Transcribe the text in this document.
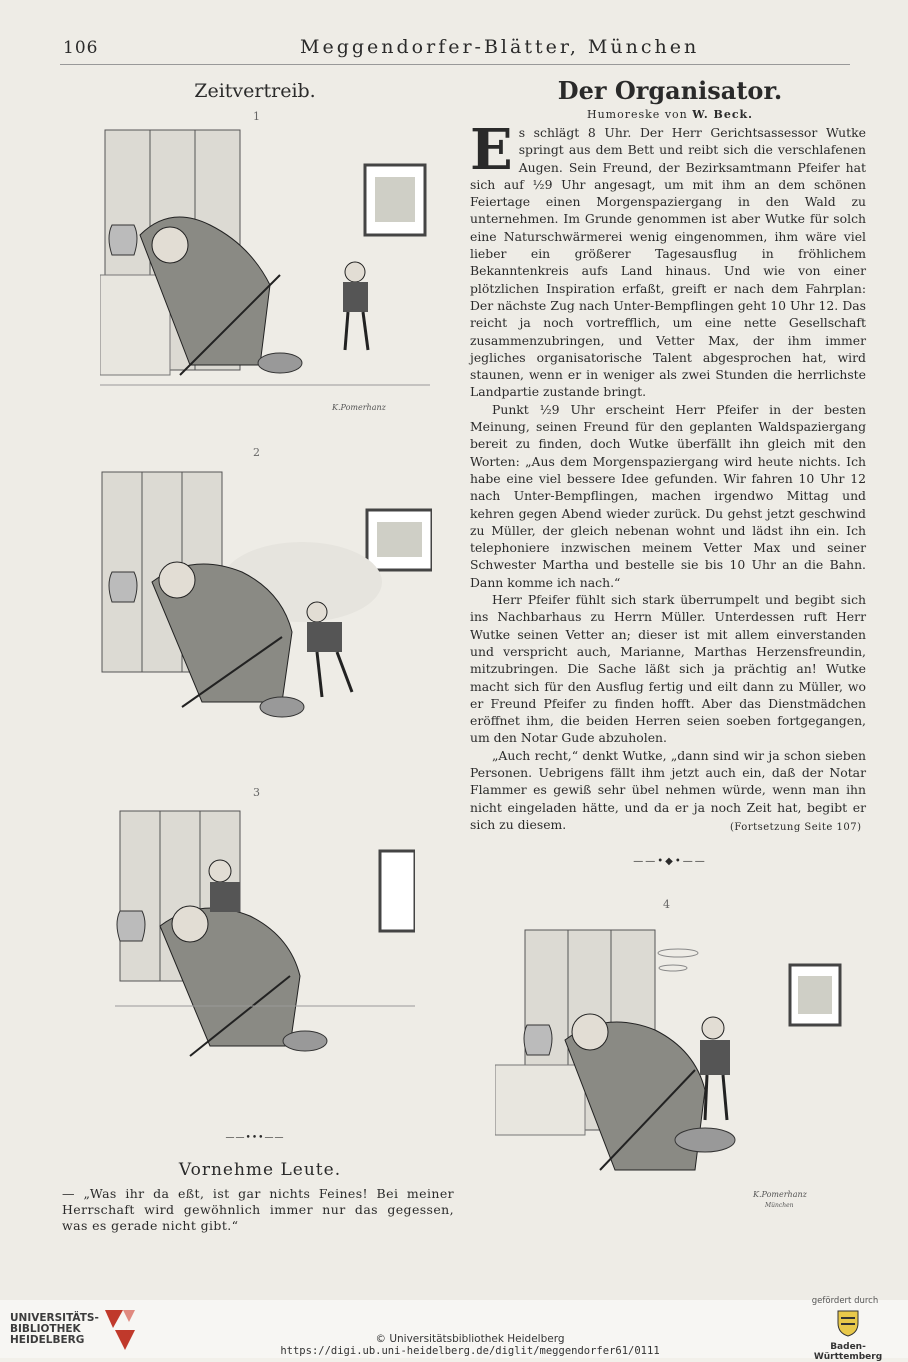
106	Meggendorfer-Blätter, München
Zeitvertreib.
1
K.Pomerhanz
2
3
——•••——
Vornehme Leute.
— „Was ihr da eßt, ist gar nichts Feines! Bei meiner Herrschaft wird gewöhnlich immer nur das gegessen, was es gerade nicht gibt.“
Der Organisator.
Humoreske von W. Beck.

Es schlägt 8 Uhr. Der Herr Gerichtsassessor Wutke springt aus dem Bett und reibt sich die verschlafenen Augen. Sein Freund, der Bezirksamtmann Pfeifer hat sich auf ½9 Uhr angesagt, um mit ihm an dem schönen Feiertage einen Morgenspaziergang in den Wald zu unternehmen. Im Grunde genommen ist aber Wutke für solch eine Naturschwärmerei wenig eingenommen, ihm wäre viel lieber ein größerer Tagesausflug in fröhlichem Bekanntenkreis aufs Land hinaus. Und wie von einer plötzlichen Inspiration erfaßt, greift er nach dem Fahrplan: Der nächste Zug nach Unter-Bempflingen geht 10 Uhr 12. Das reicht ja noch vortrefflich, um eine nette Gesellschaft zusammenzubringen, und Vetter Max, der ihm immer jegliches organisatorische Talent abgesprochen hat, wird staunen, wenn er in weniger als zwei Stunden die herrlichste Landpartie zustande bringt.

Punkt ½9 Uhr erscheint Herr Pfeifer in der besten Meinung, seinen Freund für den geplanten Waldspaziergang bereit zu finden, doch Wutke überfällt ihn gleich mit den Worten: „Aus dem Morgenspaziergang wird heute nichts. Ich habe eine viel bessere Idee gefunden. Wir fahren 10 Uhr 12 nach Unter-Bempflingen, machen irgendwo Mittag und kehren gegen Abend wieder zurück. Du gehst jetzt geschwind zu Müller, der gleich nebenan wohnt und lädst ihn ein. Ich telephoniere inzwischen meinem Vetter Max und seiner Schwester Martha und bestelle sie bis 10 Uhr an die Bahn. Dann komme ich nach.“

Herr Pfeifer fühlt sich stark überrumpelt und begibt sich ins Nachbarhaus zu Herrn Müller. Unterdessen ruft Herr Wutke seinen Vetter an; dieser ist mit allem einverstanden und verspricht auch, Marianne, Marthas Herzensfreundin, mitzubringen. Die Sache läßt sich ja prächtig an! Wutke macht sich für den Ausflug fertig und eilt dann zu Müller, wo er Freund Pfeifer zu finden hofft. Aber das Dienstmädchen eröffnet ihm, die beiden Herren seien soeben fortgegangen, um den Notar Gude abzuholen.

„Auch recht,“ denkt Wutke, „dann sind wir ja schon sieben Personen. Uebrigens fällt ihm jetzt auch ein, daß der Notar Flammer es gewiß sehr übel nehmen würde, wenn man ihn nicht eingeladen hätte, und da er ja noch Zeit hat, begibt er sich zu diesem.	(Fortsetzung Seite 107)
——•◆•——
4
K.Pomerhanz
München
UNIVERSITÄTS-
BIBLIOTHEK
HEIDELBERG	© Universitätsbibliothek Heidelberg
https://digi.ub.uni-heidelberg.de/diglit/meggendorfer61/0111
gefördert durch
Baden-Württemberg
